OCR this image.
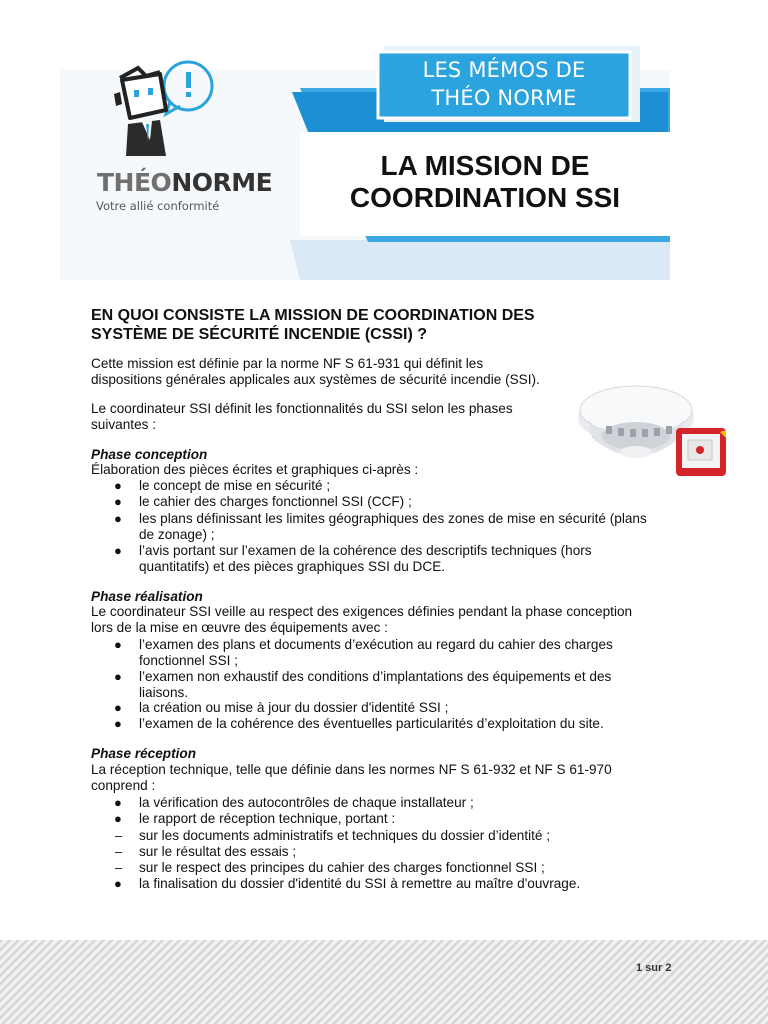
LES MÉMOS DE
THÉO NORME
LA MISSION DE
COORDINATION SSI
THÉONORME
Votre allié conformité
EN QUOI CONSISTE LA MISSION DE COORDINATION DES
SYSTÈME DE SÉCURITÉ INCENDIE (CSSI) ?
Cette mission est définie par la norme NF S 61-931 qui définit les
dispositions générales applicales aux systèmes de sécurité incendie (SSI).
Le coordinateur SSI définit les fonctionnalités du SSI selon les phases
suivantes :
Phase conception
Élaboration des pièces écrites et graphiques ci-après :
● le concept de mise en sécurité ;
● le cahier des charges fonctionnel SSI (CCF) ;
● les plans définissant les limites géographiques des zones de mise en sécurité (plans
de zonage) ;
● l’avis portant sur l’examen de la cohérence des descriptifs techniques (hors
quantitatifs) et des pièces graphiques SSI du DCE.
Phase réalisation
Le coordinateur SSI veille au respect des exigences définies pendant la phase conception
lors de la mise en œuvre des équipements avec :
● l’examen des plans et documents d’exécution au regard du cahier des charges
fonctionnel SSI ;
● l’examen non exhaustif des conditions d’implantations des équipements et des
liaisons.
● la création ou mise à jour du dossier d'identité SSI ;
● l’examen de la cohérence des éventuelles particularités d’exploitation du site.
Phase réception
La réception technique, telle que définie dans les normes NF S 61-932 et NF S 61-970
conprend :
● la vérification des autocontrôles de chaque installateur ;
● le rapport de réception technique, portant :
– sur les documents administratifs et techniques du dossier d’identité ;
– sur le résultat des essais ;
– sur le respect des principes du cahier des charges fonctionnel SSI ;
● la finalisation du dossier d'identité du SSI à remettre au maître d'ouvrage.
1 sur 2
